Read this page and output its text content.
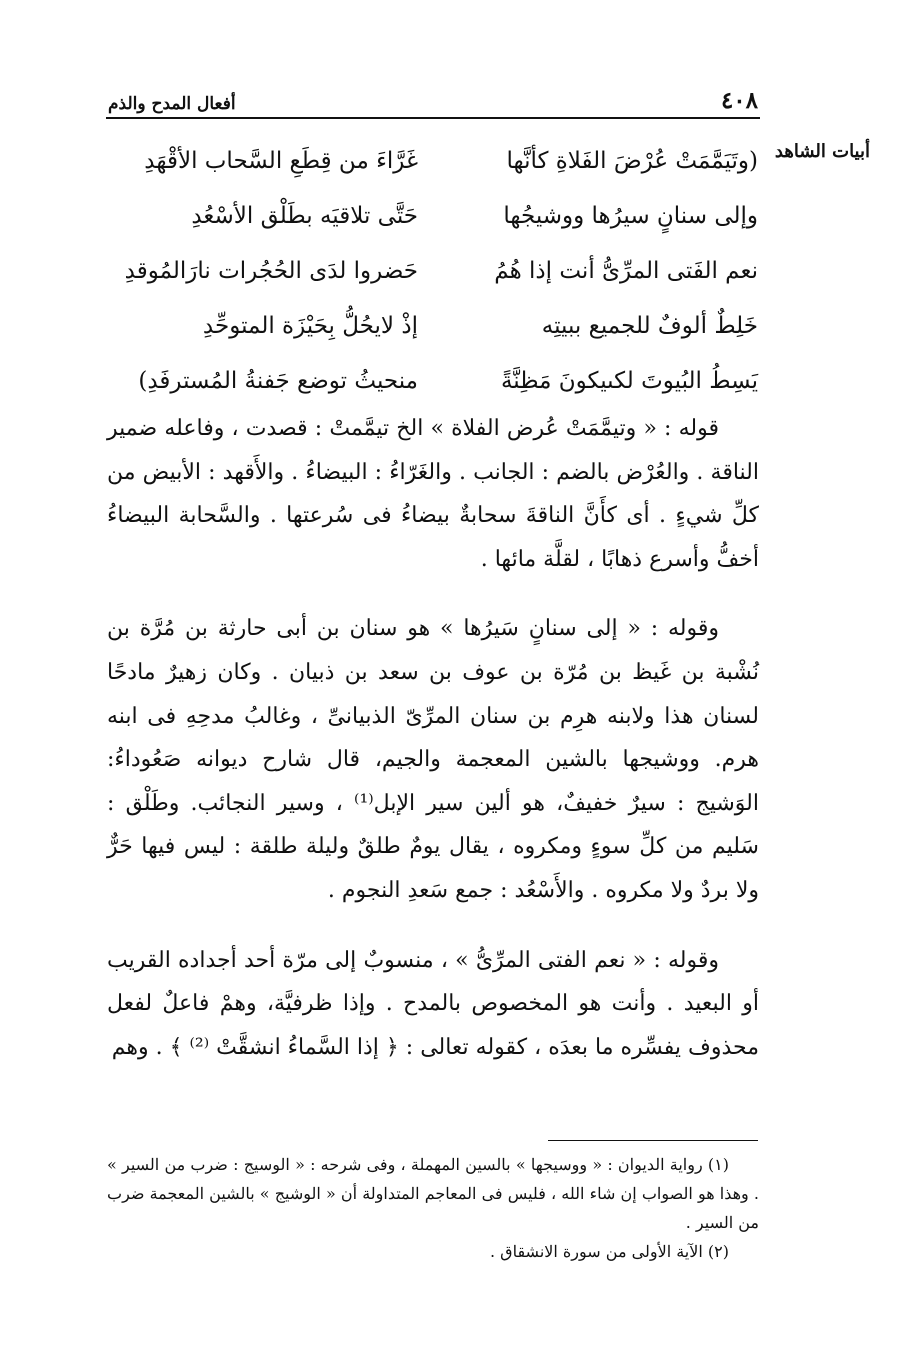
٤٠٨
أفعال المدح والذم
أبيات الشاهد
(وتَيَمَّمَتْ عُرْضَ الفَلاةِ كأنَّها
غَرَّاءَ من قِطَعِ السَّحاب الأقْهَدِ
وإلى سنانٍ سيرُها ووشيجُها
حَتَّى تلاقيَه بطَلْق الأسْعُدِ
نعم الفَتى المرِّىُّ أنت إذا هُمُ
حَضروا لدَى الحُجُرات نارَالمُوقدِ
خَلِطٌ ألوفٌ للجميع ببيتِه
إذْ لايحُلُّ بِحَيْزَة المتوحِّدِ
يَسِطُ البُيوتَ لكىيكونَ مَظِنَّةً
منحيثُ توضع جَفنةُ المُسترفَدِ)

قوله : « وتيمَّمَتْ عُرض الفلاة » الخ تيمَّمتْ : قصدت ، وفاعله ضمير الناقة . والعُرْض بالضم : الجانب . والغَرّاءُ : البيضاءُ . والأَقهد : الأبيض من كلِّ شيءٍ . أى كأَنَّ الناقةَ سحابةٌ بيضاءُ فى سُرعتها . والسَّحابة البيضاءُ أخفُّ وأسرع ذهابًا ، لقلَّة مائها .

وقوله : « إلى سنانٍ سَيرُها » هو سنان بن أبى حارثة بن مُرَّة بن نُشْبة بن غَيظ بن مُرّة بن عوف بن سعد بن ذبيان . وكان زهيرٌ مادحًا لسنان هذا ولابنه هرِم بن سنان المرِّىّ الذبيانىِّ ، وغالبُ مدحِهِ فى ابنه هرم. ووشيجها بالشين المعجمة والجيم، قال شارح ديوانه صَعُوداءُ: الوَشيج : سيرٌ خفيفٌ، هو ألين سير الإبل⁽¹⁾ ، وسير النجائب. وطَلْق : سَليم من كلِّ سوءٍ ومكروه ، يقال يومٌ طلقٌ وليلة طلقة : ليس فيها حَرٌّ ولا بردٌ ولا مكروه . والأَسْعُد : جمع سَعدِ النجوم .

وقوله : « نعم الفتى المرِّىُّ » ، منسوبٌ إلى مرّة أحد أجداده القريب أو البعيد . وأنت هو المخصوص بالمدح . وإذا ظرفيَّة، وهمْ فاعلٌ لفعل محذوف يفسِّره ما بعدَه ، كقوله تعالى : ﴿ إذا السَّماءُ انشقَّتْ ⁽²⁾ ﴾ . وهم

(١) رواية الديوان : « ووسيجها » بالسين المهملة ، وفى شرحه : « الوسيج : ضرب من السير » . وهذا هو الصواب إن شاء الله ، فليس فى المعاجم المتداولة أن « الوشيج » بالشين المعجمة ضرب من السير .

(٢) الآية الأولى من سورة الانشقاق .
